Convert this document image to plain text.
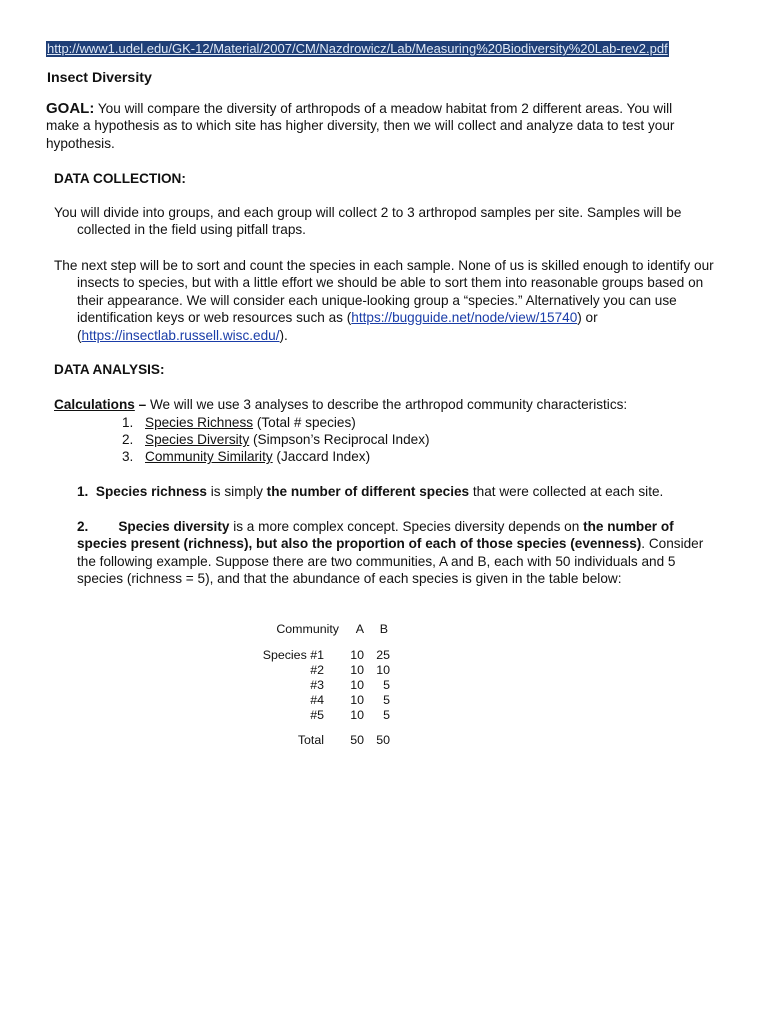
http://www1.udel.edu/GK-12/Material/2007/CM/Nazdrowicz/Lab/Measuring%20Biodiversity%20Lab-rev2.pdf
Insect Diversity
GOAL: You will compare the diversity of arthropods of a meadow habitat from 2 different areas. You will make a hypothesis as to which site has higher diversity, then we will collect and analyze data to test your hypothesis.
DATA COLLECTION:
You will divide into groups, and each group will collect 2 to 3 arthropod samples per site. Samples will be collected in the field using pitfall traps.
The next step will be to sort and count the species in each sample. None of us is skilled enough to identify our insects to species, but with a little effort we should be able to sort them into reasonable groups based on their appearance. We will consider each unique-looking group a “species.” Alternatively you can use identification keys or web resources such as (https://bugguide.net/node/view/15740) or (https://insectlab.russell.wisc.edu/).
DATA ANALYSIS:
Calculations – We will we use 3 analyses to describe the arthropod community characteristics:
1. Species Richness (Total # species)
2. Species Diversity (Simpson’s Reciprocal Index)
3. Community Similarity (Jaccard Index)
1. Species richness is simply the number of different species that were collected at each site.
2. Species diversity is a more complex concept. Species diversity depends on the number of species present (richness), but also the proportion of each of those species (evenness). Consider the following example. Suppose there are two communities, A and B, each with 50 individuals and 5 species (richness = 5), and that the abundance of each species is given in the table below:
Community	A	B
Species #1	10 25
#2	10 10
#3	10	5
#4	10	5
#5	10	5
Total	50 50
